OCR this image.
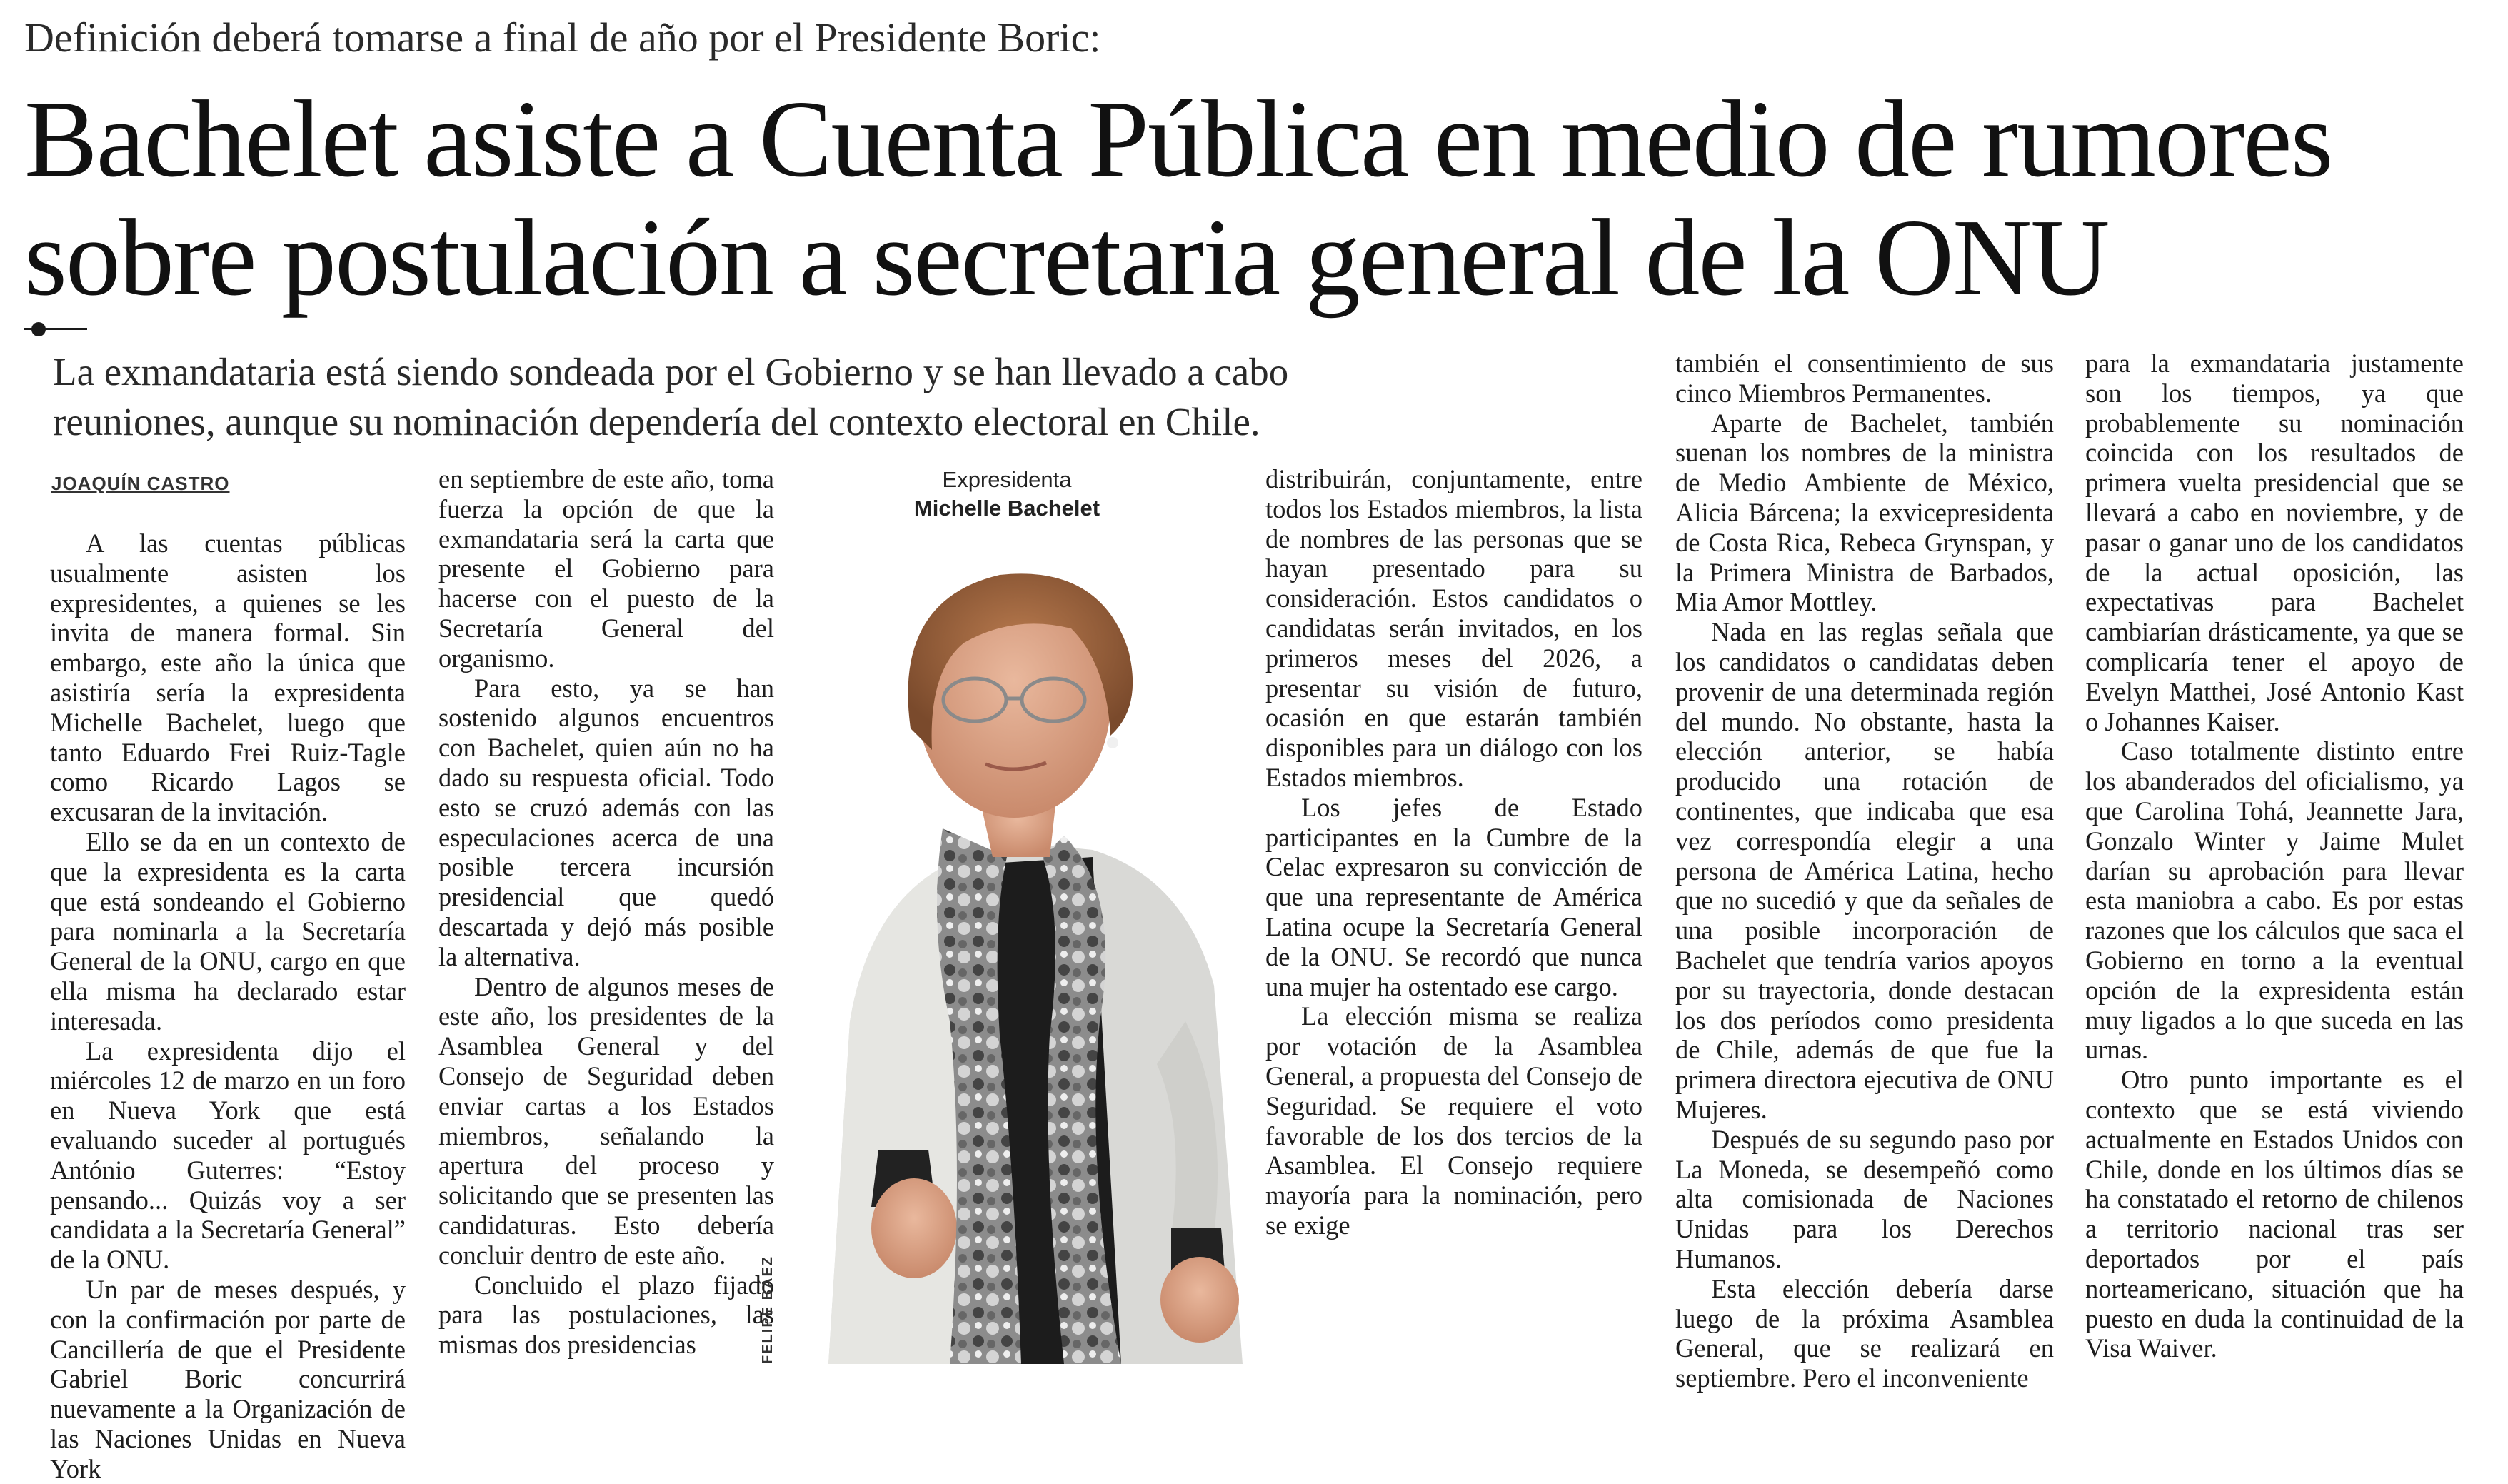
Definición deberá tomarse a final de año por el Presidente Boric:
Bachelet asiste a Cuenta Pública en medio de rumores
sobre postulación a secretaria general de la ONU
La exmandataria está siendo sondeada por el Gobierno y se han llevado a cabo
reuniones, aunque su nominación dependería del contexto electoral en Chile.
JOAQUÍN CASTRO

A las cuentas públicas usualmente asisten los expresidentes, a quienes se les invita de manera formal. Sin embargo, este año la única que asistiría sería la expresidenta Michelle Bachelet, luego que tanto Eduardo Frei Ruiz-Tagle como Ricardo Lagos se excusaran de la invitación.

Ello se da en un contexto de que la expresidenta es la carta que está sondeando el Gobierno para nominarla a la Secretaría General de la ONU, cargo en que ella misma ha declarado estar interesada.

La expresidenta dijo el miércoles 12 de marzo en un foro en Nueva York que está evaluando suceder al portugués António Guterres: “Estoy pensando... Quizás voy a ser candidata a la Secretaría General” de la ONU.

Un par de meses después, y con la confirmación por parte de Cancillería de que el Presidente Gabriel Boric concurrirá nuevamente a la Organización de las Naciones Unidas en Nueva York

en septiembre de este año, toma fuerza la opción de que la exmandataria será la carta que presente el Gobierno para hacerse con el puesto de la Secretaría General del organismo.

Para esto, ya se han sostenido algunos encuentros con Bachelet, quien aún no ha dado su respuesta oficial. Todo esto se cruzó además con las especulaciones acerca de una posible tercera incursión presidencial que quedó descartada y dejó más posible la alternativa.

Dentro de algunos meses de este año, los presidentes de la Asamblea General y del Consejo de Seguridad deben enviar cartas a los Estados miembros, señalando la apertura del proceso y solicitando que se presenten las candidaturas. Esto debería concluir dentro de este año.

Concluido el plazo fijado para las postulaciones, las mismas dos presidencias

Expresidenta
Michelle Bachelet
FELIPE BÁEZ

distribuirán, conjuntamente, entre todos los Estados miembros, la lista de nombres de las personas que se hayan presentado para su consideración. Estos candidatos o candidatas serán invitados, en los primeros meses del 2026, a presentar su visión de futuro, ocasión en que estarán también disponibles para un diálogo con los Estados miembros.

Los jefes de Estado participantes en la Cumbre de la Celac expresaron su convicción de que una representante de América Latina ocupe la Secretaría General de la ONU. Se recordó que nunca una mujer ha ostentado ese cargo.

La elección misma se realiza por votación de la Asamblea General, a propuesta del Consejo de Seguridad. Se requiere el voto favorable de los dos tercios de la Asamblea. El Consejo requiere mayoría para la nominación, pero se exige

también el consentimiento de sus cinco Miembros Permanentes.

Aparte de Bachelet, también suenan los nombres de la ministra de Medio Ambiente de México, Alicia Bárcena; la exvicepresidenta de Costa Rica, Rebeca Grynspan, y la Primera Ministra de Barbados, Mia Amor Mottley.

Nada en las reglas señala que los candidatos o candidatas deben provenir de una determinada región del mundo. No obstante, hasta la elección anterior, se había producido una rotación de continentes, que indicaba que esa vez correspondía elegir a una persona de América Latina, hecho que no sucedió y que da señales de una posible incorporación de Bachelet que tendría varios apoyos por su trayectoria, donde destacan los dos períodos como presidenta de Chile, además de que fue la primera directora ejecutiva de ONU Mujeres.

Después de su segundo paso por La Moneda, se desempeñó como alta comisionada de Naciones Unidas para los Derechos Humanos.

Esta elección debería darse luego de la próxima Asamblea General, que se realizará en septiembre. Pero el inconveniente

para la exmandataria justamente son los tiempos, ya que probablemente su nominación coincida con los resultados de primera vuelta presidencial que se llevará a cabo en noviembre, y de pasar o ganar uno de los candidatos de la actual oposición, las expectativas para Bachelet cambiarían drásticamente, ya que se complicaría tener el apoyo de Evelyn Matthei, José Antonio Kast o Johannes Kaiser.

Caso totalmente distinto entre los abanderados del oficialismo, ya que Carolina Tohá, Jeannette Jara, Gonzalo Winter y Jaime Mulet darían su aprobación para llevar esta maniobra a cabo. Es por estas razones que los cálculos que saca el Gobierno en torno a la eventual opción de la expresidenta están muy ligados a lo que suceda en las urnas.

Otro punto importante es el contexto que se está viviendo actualmente en Estados Unidos con Chile, donde en los últimos días se ha constatado el retorno de chilenos a territorio nacional tras ser deportados por el país norteamericano, situación que ha puesto en duda la continuidad de la Visa Waiver.
